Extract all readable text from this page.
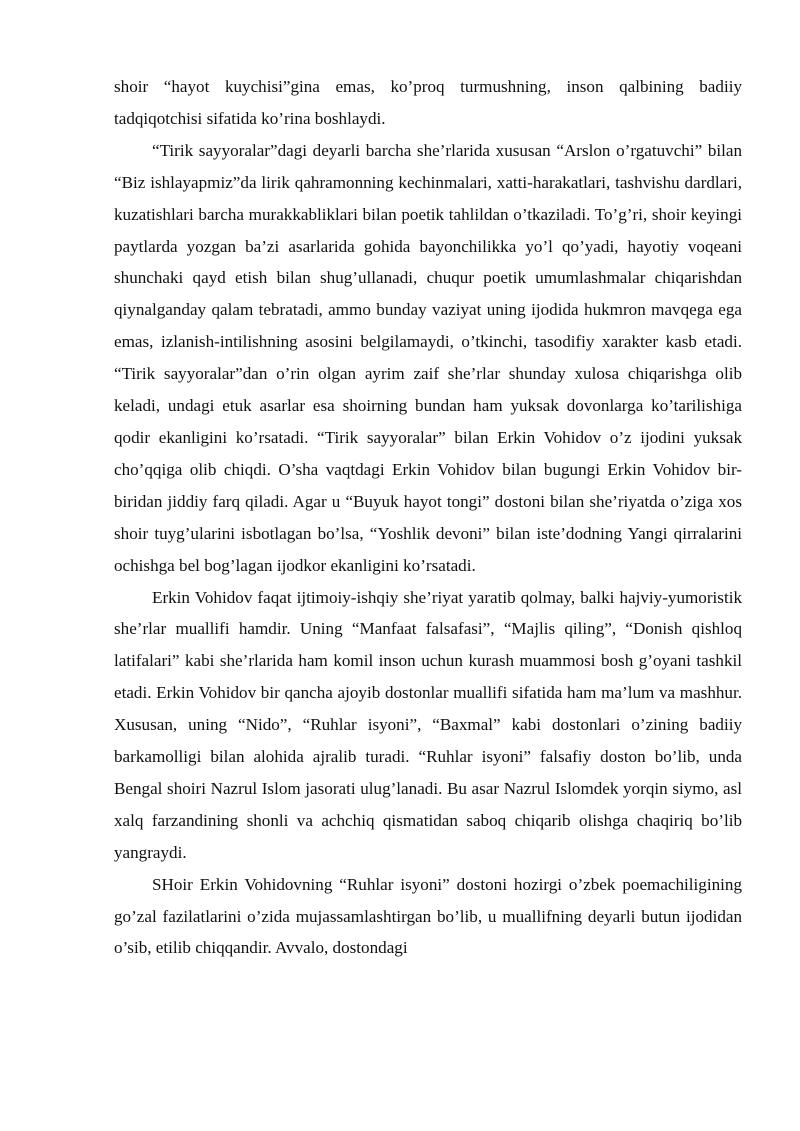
shoir “hayot kuychisi”gina emas, ko’proq turmushning, inson qalbining badiiy tadqiqotchisi sifatida ko’rina boshlaydi.

“Tirik sayyoralar”dagi deyarli barcha she’rlarida xususan “Arslon o’rgatuvchi” bilan “Biz ishlayapmiz”da lirik qahramonning kechinmalari, xatti-harakatlari, tashvishu dardlari, kuzatishlari barcha murakkabliklari bilan poetik tahlildan o’tkaziladi. To’g’ri, shoir keyingi paytlarda yozgan ba’zi asarlarida gohida bayonchilikka yo’l qo’yadi, hayotiy voqeani shunchaki qayd etish bilan shug’ullanadi, chuqur poetik umumlashmalar chiqarishdan qiynalganday qalam tebratadi, ammo bunday vaziyat uning ijodida hukmron mavqega ega emas, izlanish-intilishning asosini belgilamaydi, o’tkinchi, tasodifiy xarakter kasb etadi. “Tirik sayyoralar”dan o’rin olgan ayrim zaif she’rlar shunday xulosa chiqarishga olib keladi, undagi etuk asarlar esa shoirning bundan ham yuksak dovonlarga ko’tarilishiga qodir ekanligini ko’rsatadi. “Tirik sayyoralar” bilan Erkin Vohidov o’z ijodini yuksak cho’qqiga olib chiqdi. O’sha vaqtdagi Erkin Vohidov bilan bugungi Erkin Vohidov bir-biridan jiddiy farq qiladi. Agar u “Buyuk hayot tongi” dostoni bilan she’riyatda o’ziga xos shoir tuyg’ularini isbotlagan bo’lsa, “Yoshlik devoni” bilan iste’dodning Yangi qirralarini ochishga bel bog’lagan ijodkor ekanligini ko’rsatadi.

Erkin Vohidov faqat ijtimoiy-ishqiy she’riyat yaratib qolmay, balki hajviy-yumoristik she’rlar muallifi hamdir. Uning “Manfaat falsafasi”, “Majlis qiling”, “Donish qishloq latifalari” kabi she’rlarida ham komil inson uchun kurash muammosi bosh g’oyani tashkil etadi. Erkin Vohidov bir qancha ajoyib dostonlar muallifi sifatida ham ma’lum va mashhur. Xususan, uning “Nido”, “Ruhlar isyoni”, “Baxmal” kabi dostonlari o’zining badiiy barkamolligi bilan alohida ajralib turadi. “Ruhlar isyoni” falsafiy doston bo’lib, unda Bengal shoiri Nazrul Islom jasorati ulug’lanadi. Bu asar Nazrul Islomdek yorqin siymo, asl xalq farzandining shonli va achchiq qismatidan saboq chiqarib olishga chaqiriq bo’lib yangraydi.

SHoir Erkin Vohidovning “Ruhlar isyoni” dostoni hozirgi o’zbek poemachiligining go’zal fazilatlarini o’zida mujassamlashtirgan bo’lib, u muallifning deyarli butun ijodidan o’sib, etilib chiqqandir. Avvalo, dostondagi
